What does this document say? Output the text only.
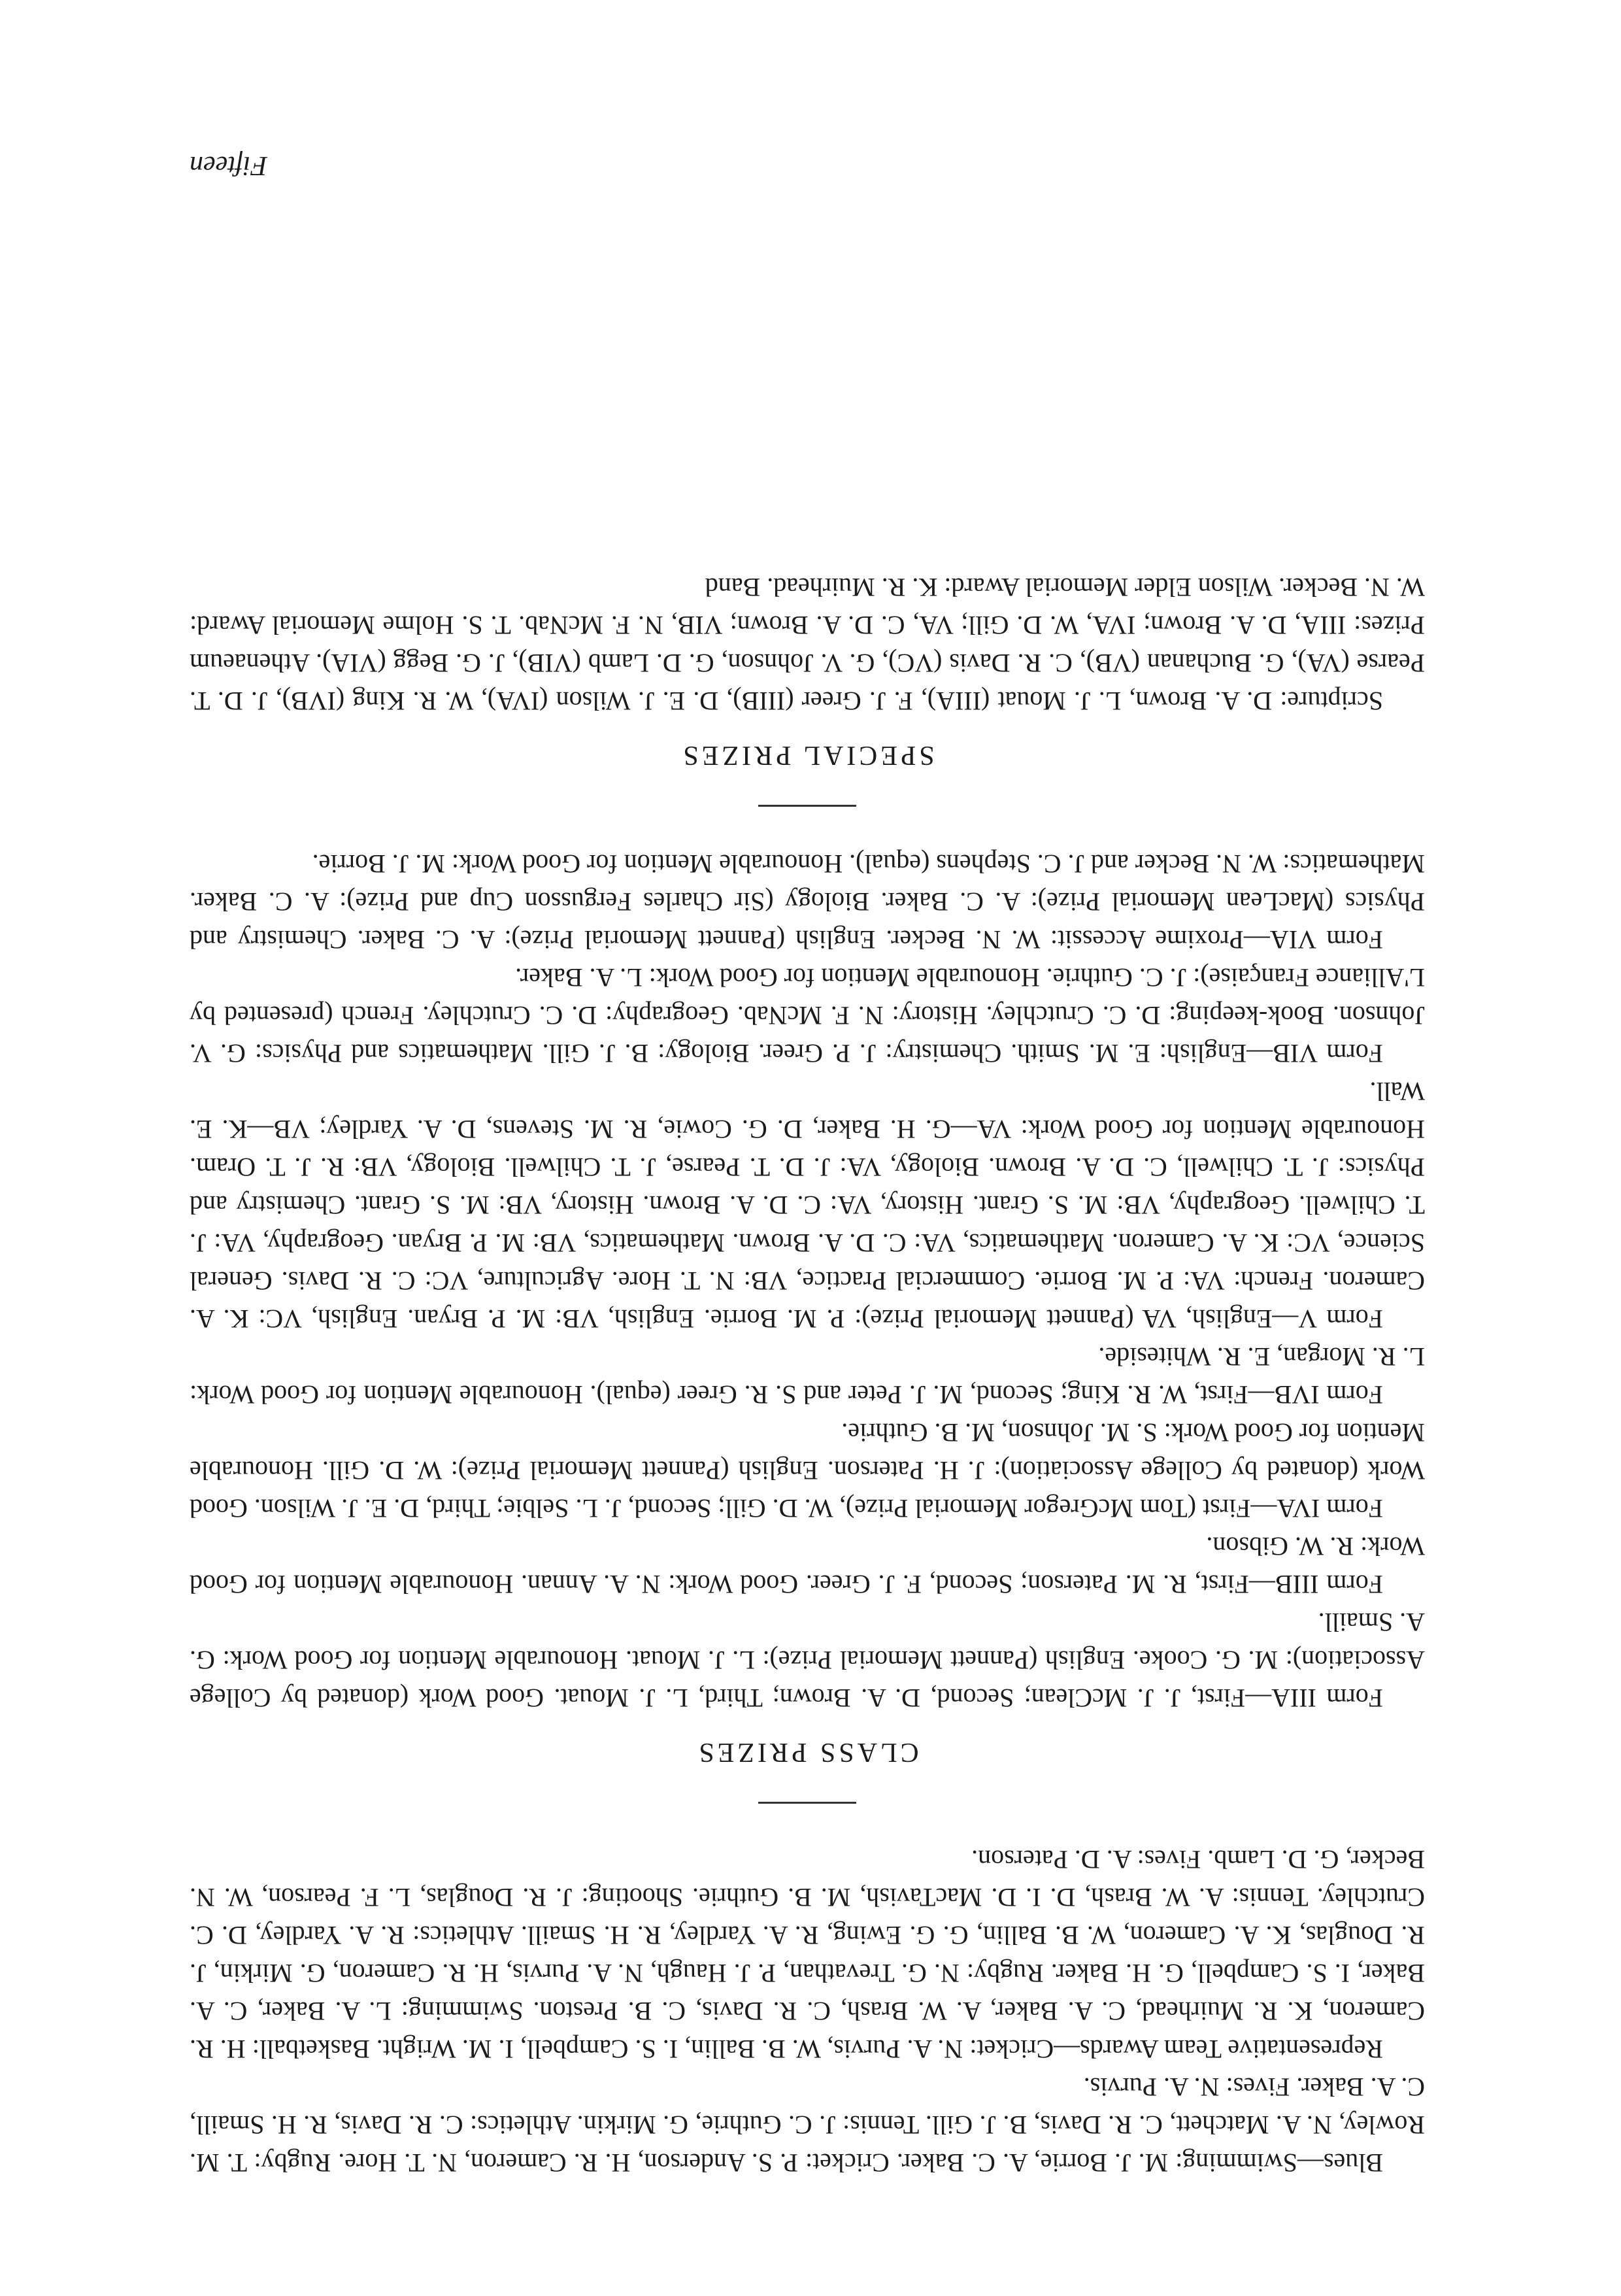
Blues—Swimming: M. J. Borrie, A. C. Baker. Cricket: P. S. Anderson, H. R. Cameron, N. T. Hore. Rugby: T. M. Rowley, N. A. Matchett, C. R. Davis, B. J. Gill. Tennis: J. C. Guthrie, G. Mirkin. Athletics: C. R. Davis, R. H. Smaill, C. A. Baker. Fives: N. A. Purvis.

Representative Team Awards—Cricket: N. A. Purvis, W. B. Ballin, I. S. Campbell, I. M. Wright. Basketball: H. R. Cameron, K. R. Muirhead, C. A. Baker, A. W. Brash, C. R. Davis, C. B. Preston. Swimming: L. A. Baker, C. A. Baker, I. S. Campbell, G. H. Baker. Rugby: N. G. Trevathan, P. J. Haugh, N. A. Purvis, H. R. Cameron, G. Mirkin, J. R. Douglas, K. A. Cameron, W. B. Ballin, G. G. Ewing, R. A. Yardley, R. H. Smaill. Athletics: R. A. Yardley, D. C. Crutchley. Tennis: A. W. Brash, D. I. D. MacTavish, M. B. Guthrie. Shooting: J. R. Douglas, L. F. Pearson, W. N. Becker, G. D. Lamb. Fives: A. D. Paterson.

CLASS PRIZES

Form IIIA—First, J. J. McClean; Second, D. A. Brown; Third, L. J. Mouat. Good Work (donated by College Association): M. G. Cooke. English (Pannett Memorial Prize): L. J. Mouat. Honourable Mention for Good Work: G. A. Smaill.

Form IIIB—First, R. M. Paterson; Second, F. J. Greer. Good Work: N. A. Annan. Honourable Mention for Good Work: R. W. Gibson.

Form IVA—First (Tom McGregor Memorial Prize), W. D. Gill; Second, J. L. Selbie; Third, D. E. J. Wilson. Good Work (donated by College Association): J. H. Paterson. English (Pannett Memorial Prize): W. D. Gill. Honourable Mention for Good Work: S. M. Johnson, M. B. Guthrie.

Form IVB—First, W. R. King; Second, M. J. Peter and S. R. Greer (equal). Honourable Mention for Good Work: L. R. Morgan, E. R. Whiteside.

Form V—English, VA (Pannett Memorial Prize): P. M. Borrie. English, VB: M. P. Bryan. English, VC: K. A. Cameron. French: VA: P. M. Borrie. Commercial Practice, VB: N. T. Hore. Agriculture, VC: C. R. Davis. General Science, VC: K. A. Cameron. Mathematics, VA: C. D. A. Brown. Mathematics, VB: M. P. Bryan. Geography, VA: J. T. Chilwell. Geography, VB: M. S. Grant. History, VA: C. D. A. Brown. History, VB: M. S. Grant. Chemistry and Physics: J. T. Chilwell, C. D. A. Brown. Biology, VA: J. D. T. Pearse, J. T. Chilwell. Biology, VB: R. J. T. Oram. Honourable Mention for Good Work: VA—G. H. Baker, D. G. Cowie, R. M. Stevens, D. A. Yardley; VB—K. E. Wall.

Form VIB—English: E. M. Smith. Chemistry: J. P. Greer. Biology: B. J. Gill. Mathematics and Physics: G. V. Johnson. Book-keeping: D. C. Crutchley. History: N. F. McNab. Geography: D. C. Crutchley. French (presented by L'Alliance Française): J. C. Guthrie. Honourable Mention for Good Work: L. A. Baker.

Form VIA—Proxime Accessit: W. N. Becker. English (Pannett Memorial Prize): A. C. Baker. Chemistry and Physics (MacLean Memorial Prize): A. C. Baker. Biology (Sir Charles Fergusson Cup and Prize): A. C. Baker. Mathematics: W. N. Becker and J. C. Stephens (equal). Honourable Mention for Good Work: M. J. Borrie.

SPECIAL PRIZES

Scripture: D. A. Brown, L. J. Mouat (IIIA), F. J. Greer (IIIB), D. E. J. Wilson (IVA), W. R. King (IVB), J. D. T. Pearse (VA), G. Buchanan (VB), C. R. Davis (VC), G. V. Johnson, G. D. Lamb (VIB), J. G. Begg (VIA). Athenaeum Prizes: IIIA, D. A. Brown; IVA, W. D. Gill; VA, C. D. A. Brown; VIB, N. F. McNab. T. S. Holme Memorial Award: W. N. Becker. Wilson Elder Memorial Award: K. R. Muirhead. Band

Fifteen
